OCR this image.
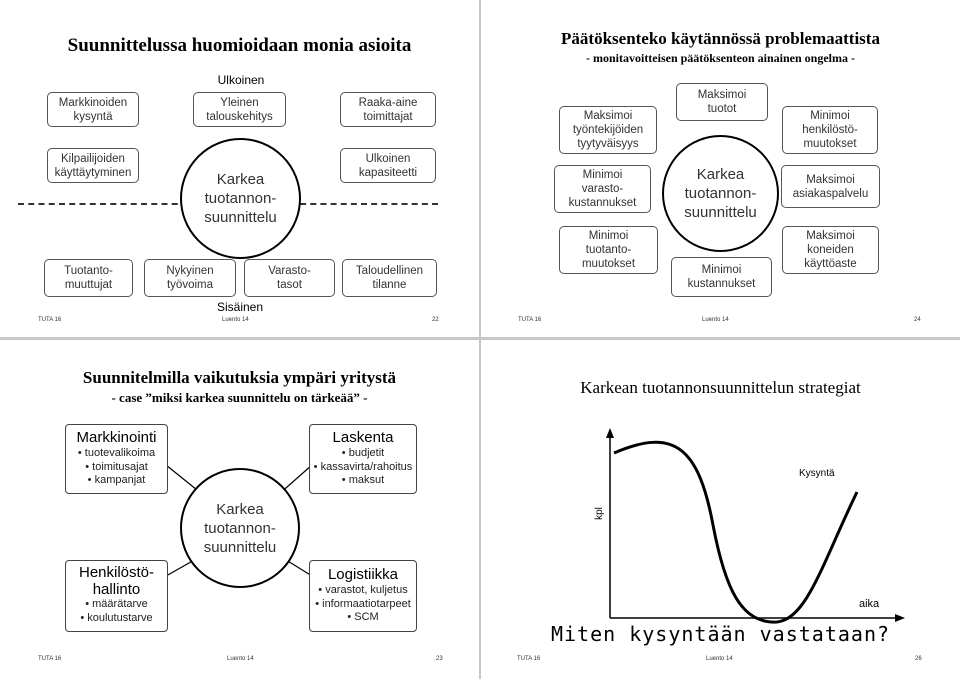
Suunnittelussa huomioidaan monia asioita
Ulkoinen
Markkinoiden
kysyntä
Yleinen
talouskehitys
Raaka-aine
toimittajat
Kilpailijoiden
käyttäytyminen
Ulkoinen
kapasiteetti
Karkea
tuotannon-
suunnittelu
Tuotanto-
muuttujat
Nykyinen
työvoima
Varasto-
tasot
Taloudellinen
tilanne
Sisäinen
TUTA 16	Luento 14	22
Päätöksenteko käytännössä problemaattista
- monitavoitteisen päätöksenteon ainainen ongelma -
Maksimoi
työntekijöiden
tyytyväisyys
Maksimoi
tuotot
Minimoi
henkilöstö-
muutokset
Minimoi
varasto-
kustannukset
Maksimoi
asiakaspalvelu
Karkea
tuotannon-
suunnittelu
Minimoi
tuotanto-
muutokset	Minimoi
kustannukset
Maksimoi
koneiden
käyttöaste
TUTA 16	Luento 14	24
Suunnitelmilla vaikutuksia ympäri yritystä
- case ”miksi karkea suunnittelu on tärkeää” -
Markkinointi
• tuotevalikoima
• toimitusajat
• kampanjat
Laskenta
• budjetit
• kassavirta/rahoitus
• maksut
Karkea
tuotannon-
suunnittelu
Henkilöstö-
hallinto
• määrätarve
• koulutustarve
Logistiikka
• varastot, kuljetus
• informaatiotarpeet
• SCM
TUTA 16	Luento 14	23
Karkean tuotannonsuunnittelun strategiat
kpl
aika
Kysyntä
Miten kysyntään vastataan?
TUTA 16	Luento 14	26
